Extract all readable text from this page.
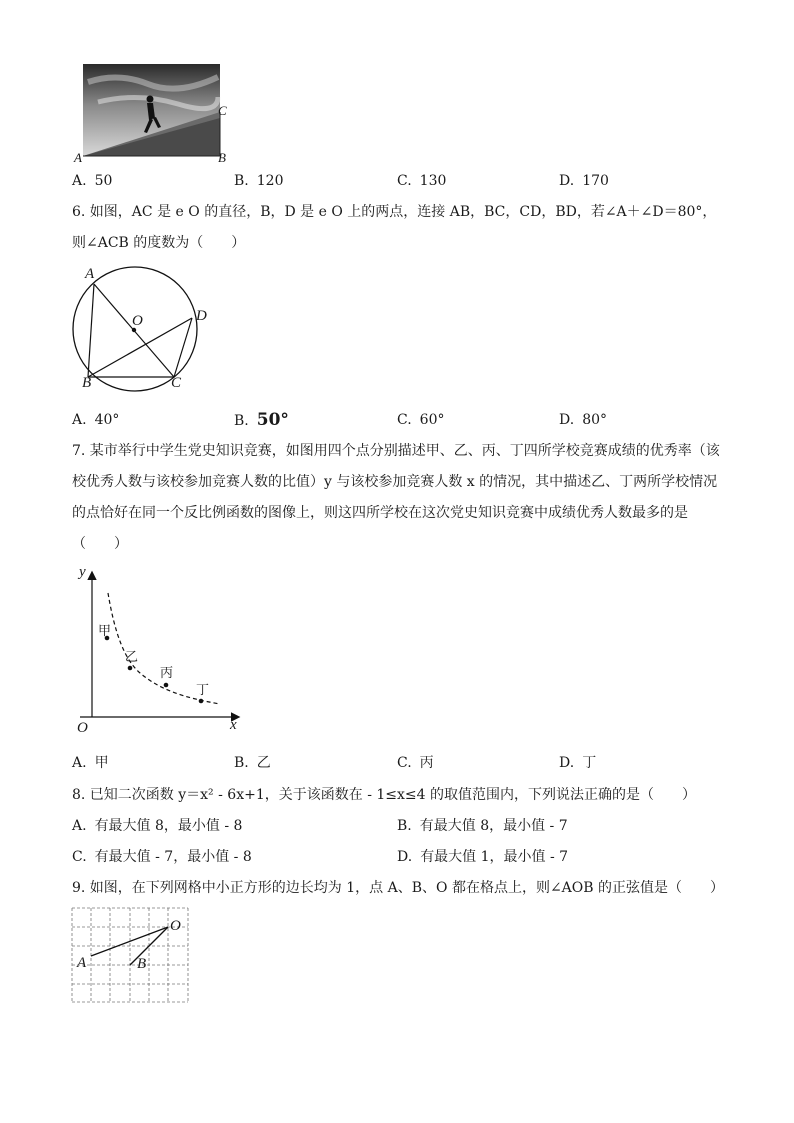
C
A	B
A. 50	B. 120	C. 130	D. 170
6. 如图，AC 是 e O 的直径，B，D 是 e O 上的两点，连接 AB，BC，CD，BD，若∠A＋∠D＝80°，
则∠ACB 的度数为（　　）
A
O	D
B	C
A. 40°	B. 50°	C. 60°	D. 80°
7. 某市举行中学生党史知识竞赛，如图用四个点分别描述甲、乙、丙、丁四所学校竞赛成绩的优秀率（该
校优秀人数与该校参加竞赛人数的比值）y 与该校参加竞赛人数 x 的情况，其中描述乙、丁两所学校情况
的点恰好在同一个反比例函数的图像上，则这四所学校在这次党史知识竞赛中成绩优秀人数最多的是
（　　）
y
x
O
甲
乙
丙
丁
A. 甲	B. 乙	C. 丙	D. 丁
8. 已知二次函数 y＝x² - 6x+1，关于该函数在 - 1≤x≤4 的取值范围内，下列说法正确的是（　　）
A. 有最大值 8，最小值 - 8	B. 有最大值 8，最小值 - 7
C. 有最大值 - 7，最小值 - 8	D. 有最大值 1，最小值 - 7
9. 如图，在下列网格中小正方形的边长均为 1，点 A、B、O 都在格点上，则∠AOB 的正弦值是（　　）
O
A	B
